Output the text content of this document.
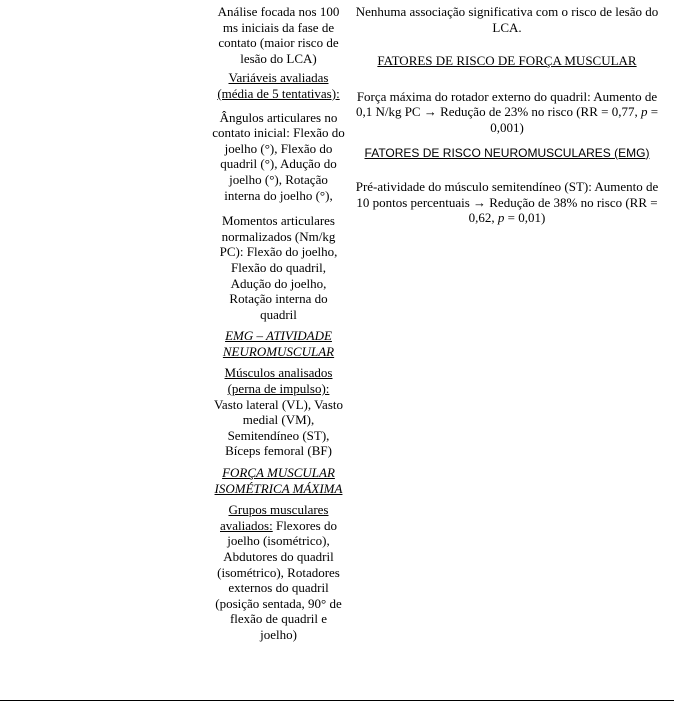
Análise focada nos 100 ms iniciais da fase de contato (maior risco de lesão do LCA)

Variáveis avaliadas (média de 5 tentativas):

Ângulos articulares no contato inicial: Flexão do joelho (°), Flexão do quadril (°), Adução do joelho (°), Rotação interna do joelho (°),

Momentos articulares normalizados (Nm/kg PC): Flexão do joelho, Flexão do quadril, Adução do joelho, Rotação interna do quadril

EMG – ATIVIDADE NEUROMUSCULAR

Músculos analisados (perna de impulso): Vasto lateral (VL), Vasto medial (VM), Semitendíneo (ST), Bíceps femoral (BF)

FORÇA MUSCULAR ISOMÉTRICA MÁXIMA

Grupos musculares avaliados: Flexores do joelho (isométrico), Abdutores do quadril (isométrico), Rotadores externos do quadril (posição sentada, 90° de flexão de quadril e joelho)

Nenhuma associação significativa com o risco de lesão do LCA.

FATORES DE RISCO DE FORÇA MUSCULAR

Força máxima do rotador externo do quadril: Aumento de 0,1 N/kg PC → Redução de 23% no risco (RR = 0,77, p = 0,001)

FATORES DE RISCO NEUROMUSCULARES (EMG)

Pré-atividade do músculo semitendíneo (ST): Aumento de 10 pontos percentuais → Redução de 38% no risco (RR = 0,62, p = 0,01)
